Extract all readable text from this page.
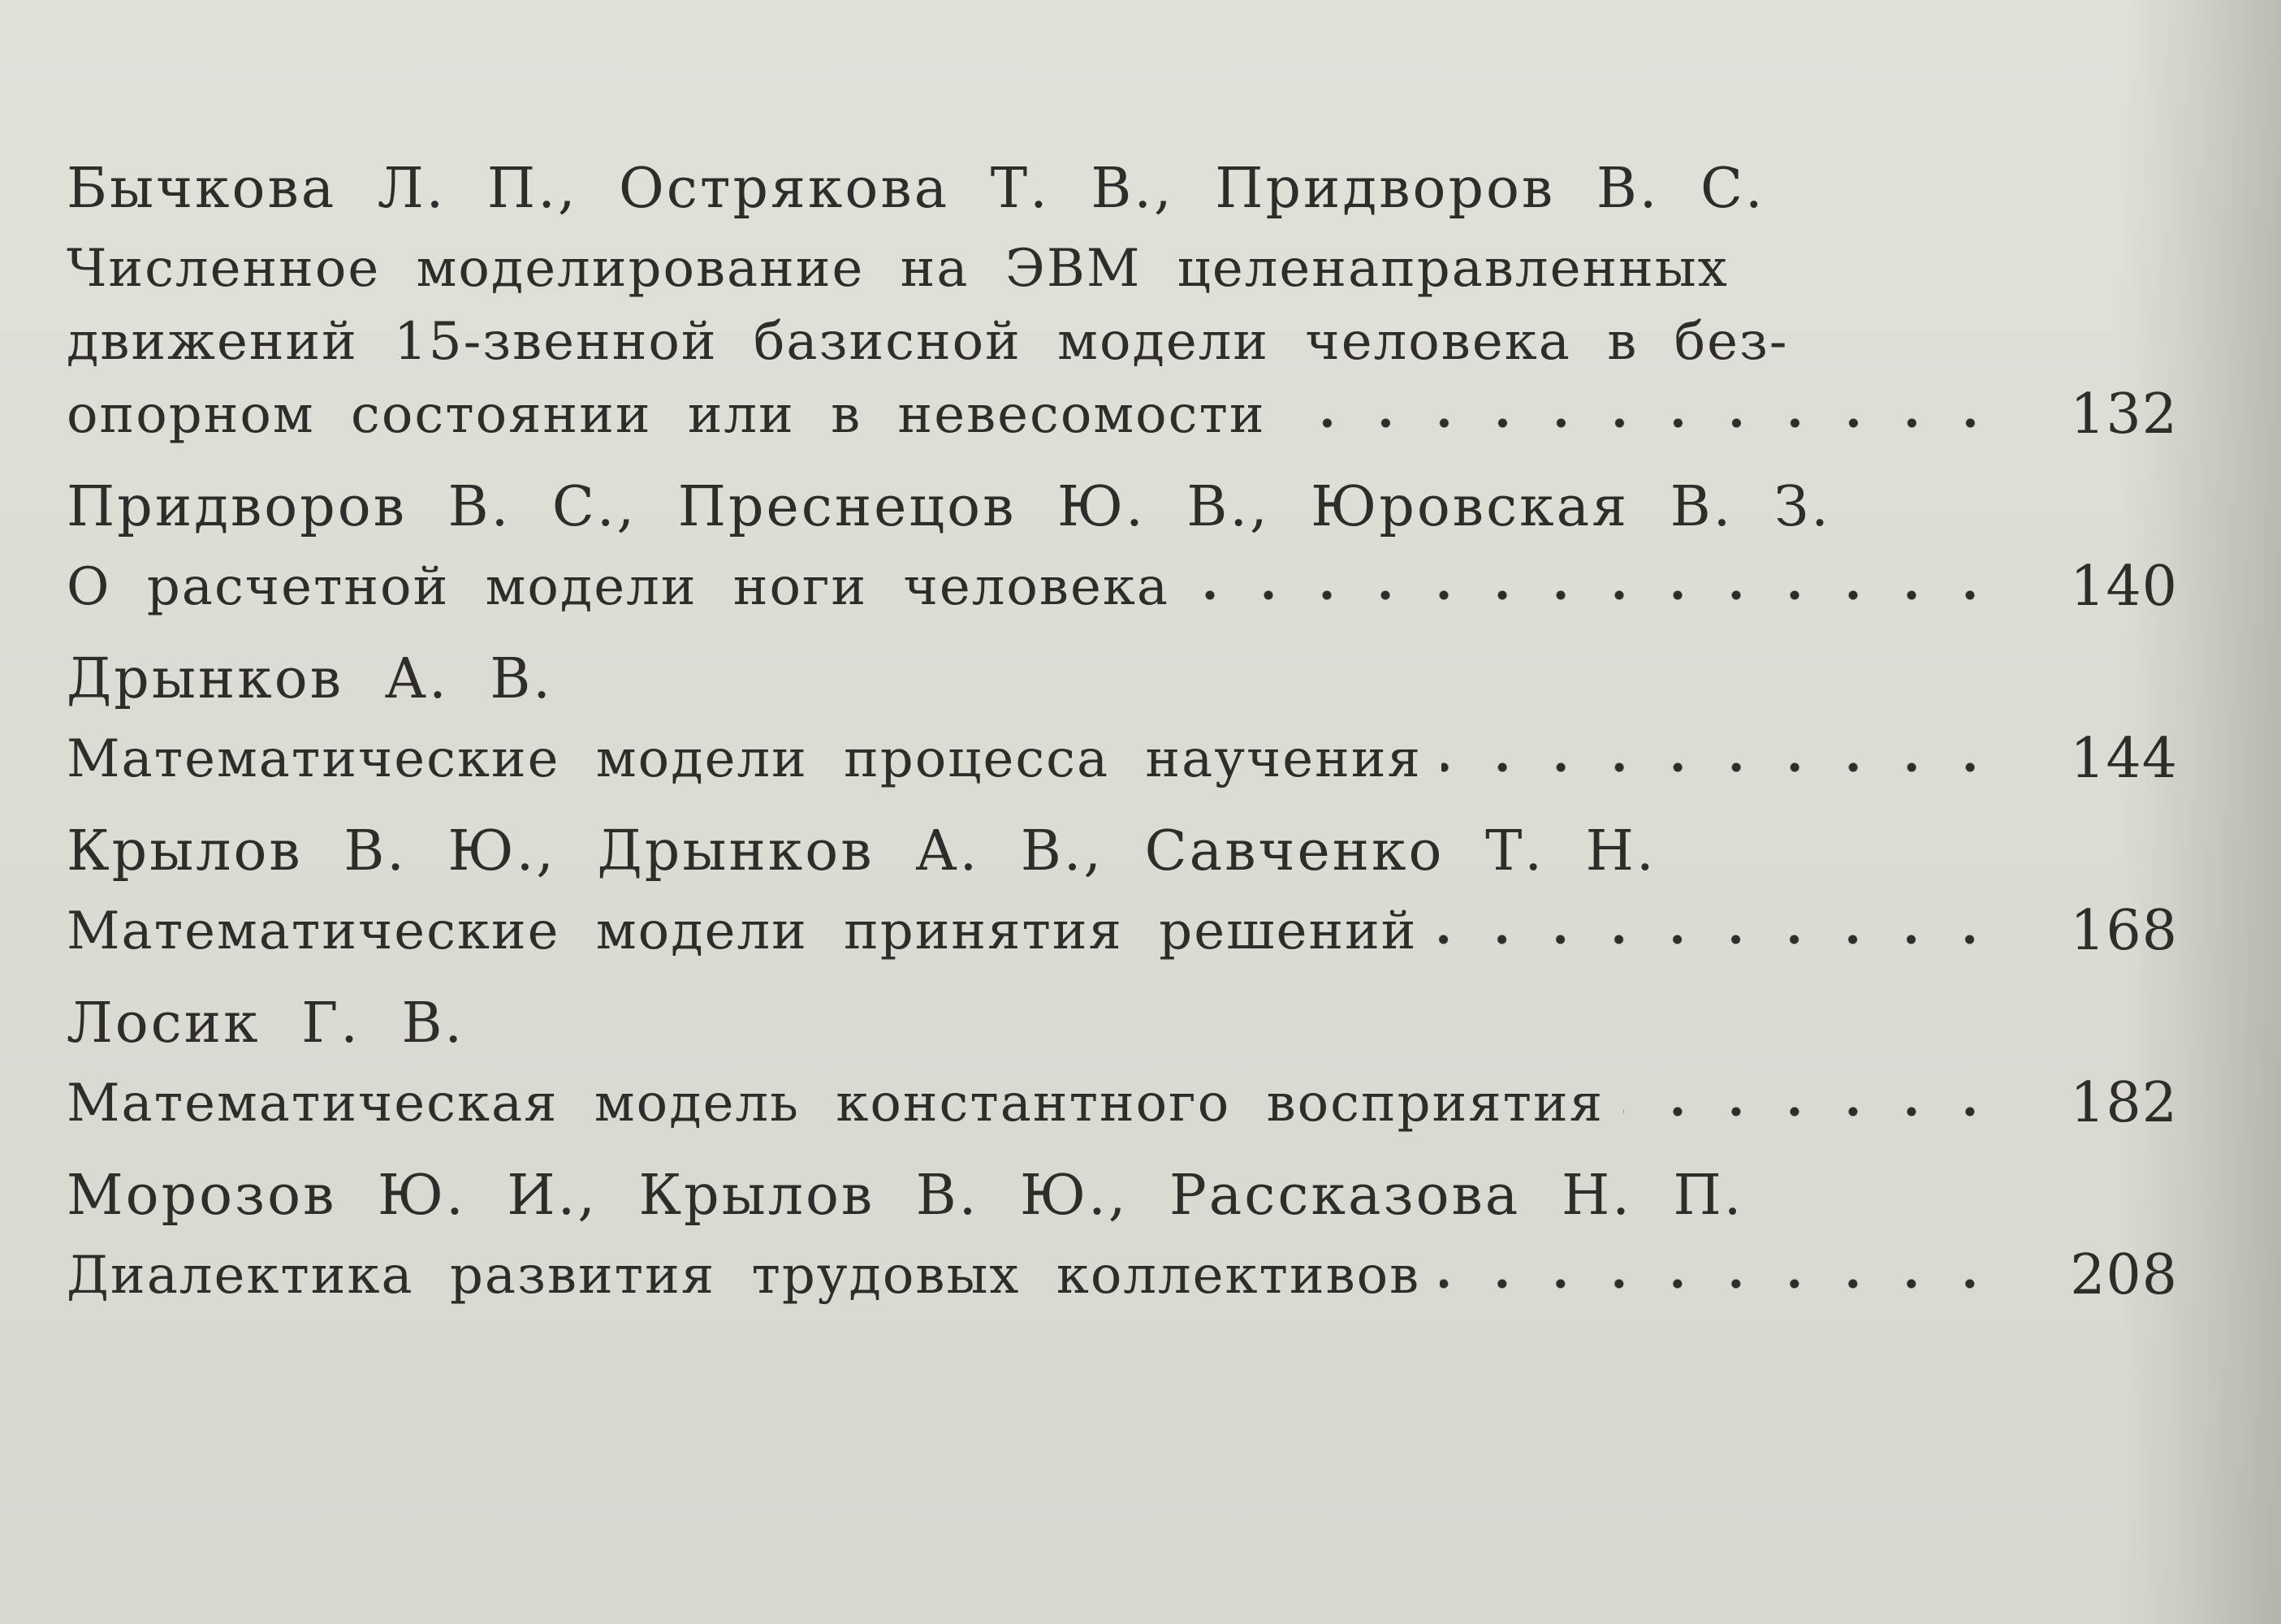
Бычкова Л. П., Острякова Т. В., Придворов В. С.
Численное моделирование на ЭВМ целенаправленных
движений 15-звенной базисной модели человека в без-
опорном состоянии или в невесомости	132
Придворов В. С., Преснецов Ю. В., Юровская В. З.
О расчетной модели ноги человека	140
Дрынков А. В.
Математические модели процесса научения	144
Крылов В. Ю., Дрынков А. В., Савченко Т. Н.
Математические модели принятия решений	168
Лосик Г. В.
Математическая модель константного восприятия	182
Морозов Ю. И., Крылов В. Ю., Рассказова Н. П.
Диалектика развития трудовых коллективов	208
